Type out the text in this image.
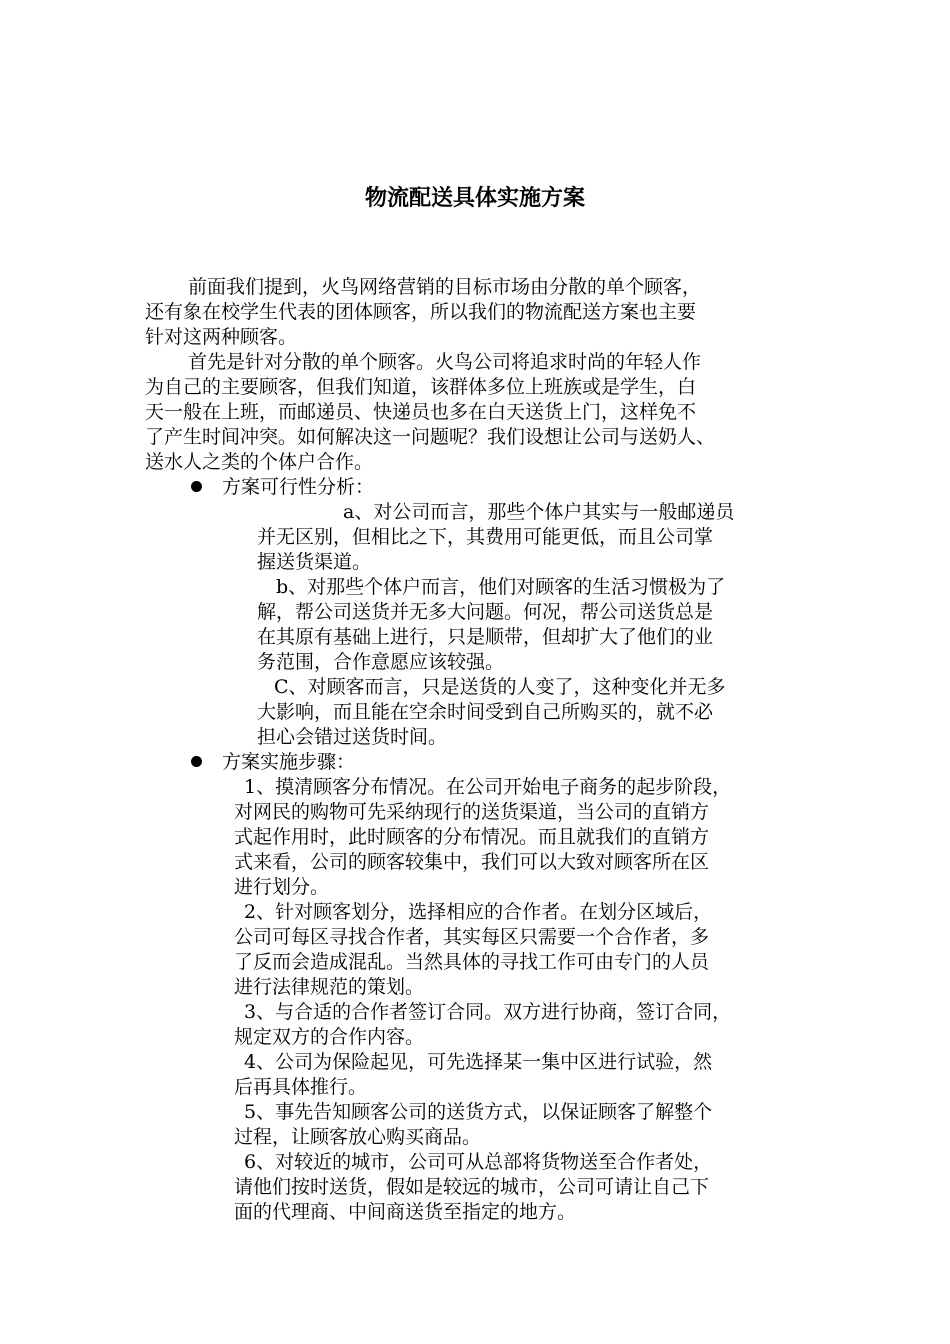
物流配送具体实施方案
前面我们提到，火鸟网络营销的目标市场由分散的单个顾客，
还有象在校学生代表的团体顾客，所以我们的物流配送方案也主要
针对这两种顾客。
首先是针对分散的单个顾客。火鸟公司将追求时尚的年轻人作
为自己的主要顾客，但我们知道，该群体多位上班族或是学生，白
天一般在上班，而邮递员、快递员也多在白天送货上门，这样免不
了产生时间冲突。如何解决这一问题呢？我们设想让公司与送奶人、
送水人之类的个体户合作。
方案可行性分析：
a、对公司而言，那些个体户其实与一般邮递员
并无区别，但相比之下，其费用可能更低，而且公司掌
握送货渠道。
b、对那些个体户而言，他们对顾客的生活习惯极为了
解，帮公司送货并无多大问题。何况，帮公司送货总是
在其原有基础上进行，只是顺带，但却扩大了他们的业
务范围，合作意愿应该较强。
C、对顾客而言，只是送货的人变了，这种变化并无多
大影响，而且能在空余时间受到自己所购买的，就不必
担心会错过送货时间。
方案实施步骤：
1、摸清顾客分布情况。在公司开始电子商务的起步阶段，
对网民的购物可先采纳现行的送货渠道，当公司的直销方
式起作用时，此时顾客的分布情况。而且就我们的直销方
式来看，公司的顾客较集中，我们可以大致对顾客所在区
进行划分。
2、针对顾客划分，选择相应的合作者。在划分区域后，
公司可每区寻找合作者，其实每区只需要一个合作者，多
了反而会造成混乱。当然具体的寻找工作可由专门的人员
进行法律规范的策划。
3、与合适的合作者签订合同。双方进行协商，签订合同，
规定双方的合作内容。
4、公司为保险起见，可先选择某一集中区进行试验，然
后再具体推行。
5、事先告知顾客公司的送货方式，以保证顾客了解整个
过程，让顾客放心购买商品。
6、对较近的城市，公司可从总部将货物送至合作者处，
请他们按时送货，假如是较远的城市，公司可请让自己下
面的代理商、中间商送货至指定的地方。
